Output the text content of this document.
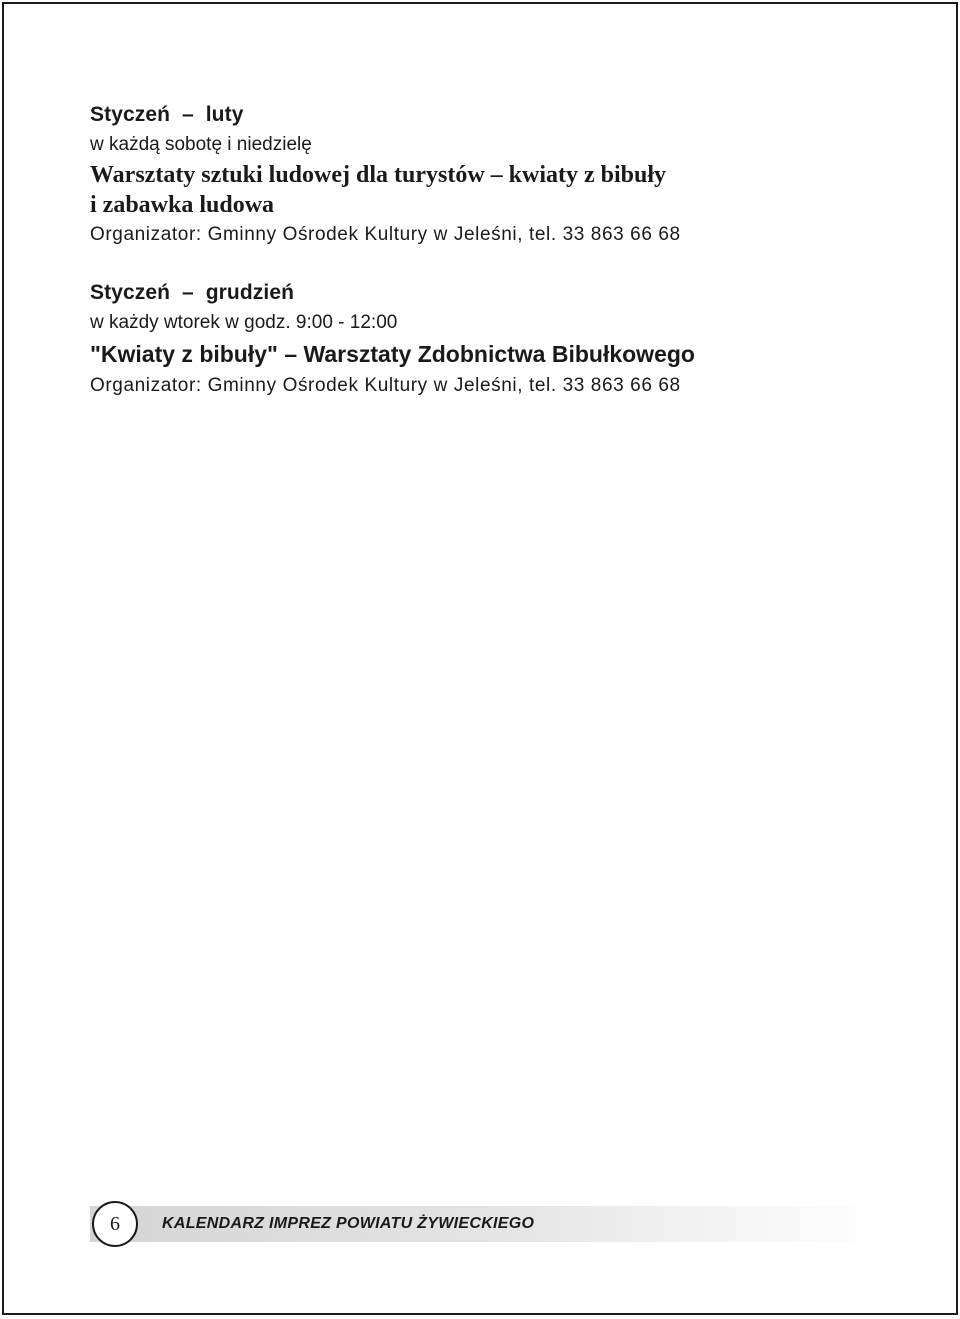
Styczeń – luty
w każdą sobotę i niedzielę
Warsztaty sztuki ludowej dla turystów – kwiaty z bibuły
i zabawka ludowa
Organizator: Gminny Ośrodek Kultury w Jeleśni, tel. 33 863 66 68
Styczeń – grudzień
w każdy wtorek w godz. 9:00 - 12:00
"Kwiaty z bibuły" – Warsztaty Zdobnictwa Bibułkowego
Organizator: Gminny Ośrodek Kultury w Jeleśni, tel. 33 863 66 68
6	KALENDARZ IMPREZ POWIATU ŻYWIECKIEGO
